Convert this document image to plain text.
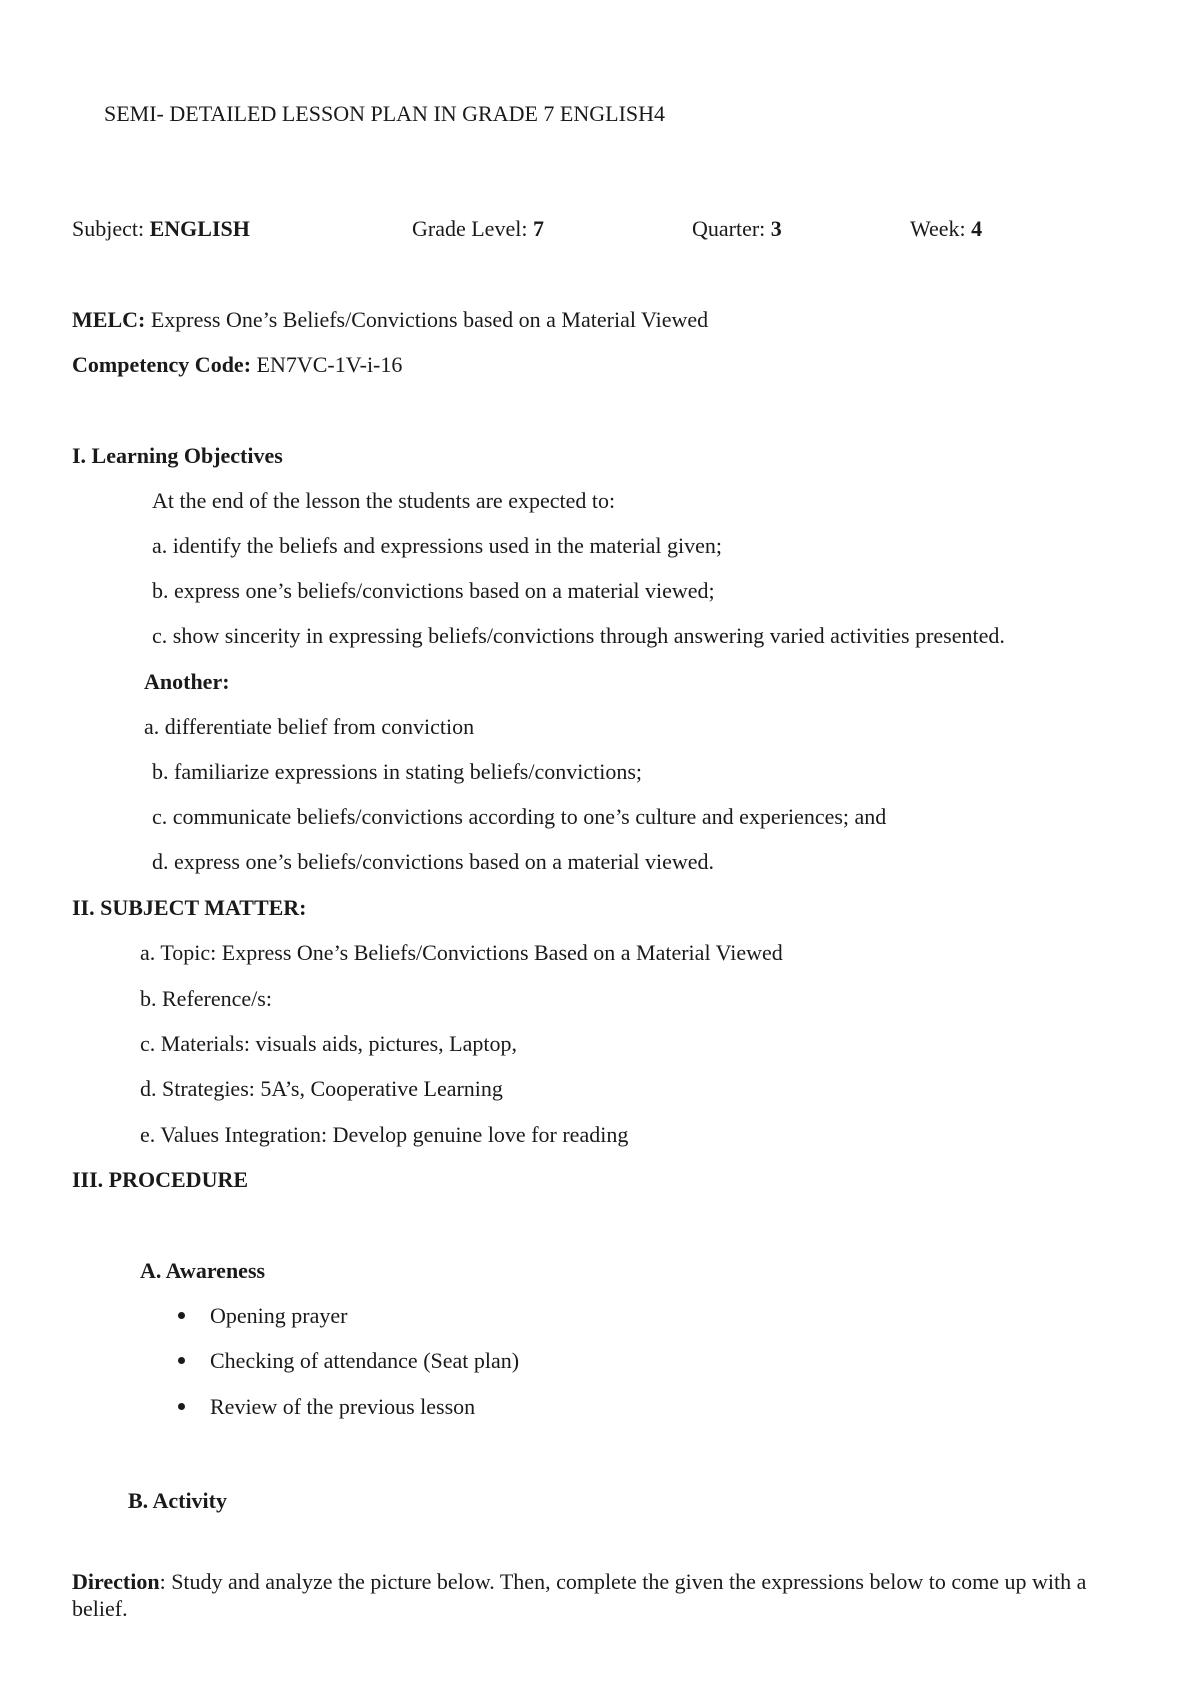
SEMI- DETAILED LESSON PLAN IN GRADE 7 ENGLISH4
Subject: ENGLISH	Grade Level: 7	Quarter: 3	Week: 4
MELC: Express One’s Beliefs/Convictions based on a Material Viewed
Competency Code: EN7VC-1V-i-16
I. Learning Objectives
At the end of the lesson the students are expected to:
a. identify the beliefs and expressions used in the material given;
b. express one’s beliefs/convictions based on a material viewed;
c. show sincerity in expressing beliefs/convictions through answering varied activities presented.
Another:
a. differentiate belief from conviction
b. familiarize expressions in stating beliefs/convictions;
c. communicate beliefs/convictions according to one’s culture and experiences; and
d. express one’s beliefs/convictions based on a material viewed.
II. SUBJECT MATTER:
a. Topic: Express One’s Beliefs/Convictions Based on a Material Viewed
b. Reference/s:
c. Materials: visuals aids, pictures, Laptop,
d. Strategies: 5A’s, Cooperative Learning
e. Values Integration: Develop genuine love for reading
III. PROCEDURE
A. Awareness
Opening prayer
Checking of attendance (Seat plan)
Review of the previous lesson
B. Activity
Direction: Study and analyze the picture below. Then, complete the given the expressions below to come up with a belief.
